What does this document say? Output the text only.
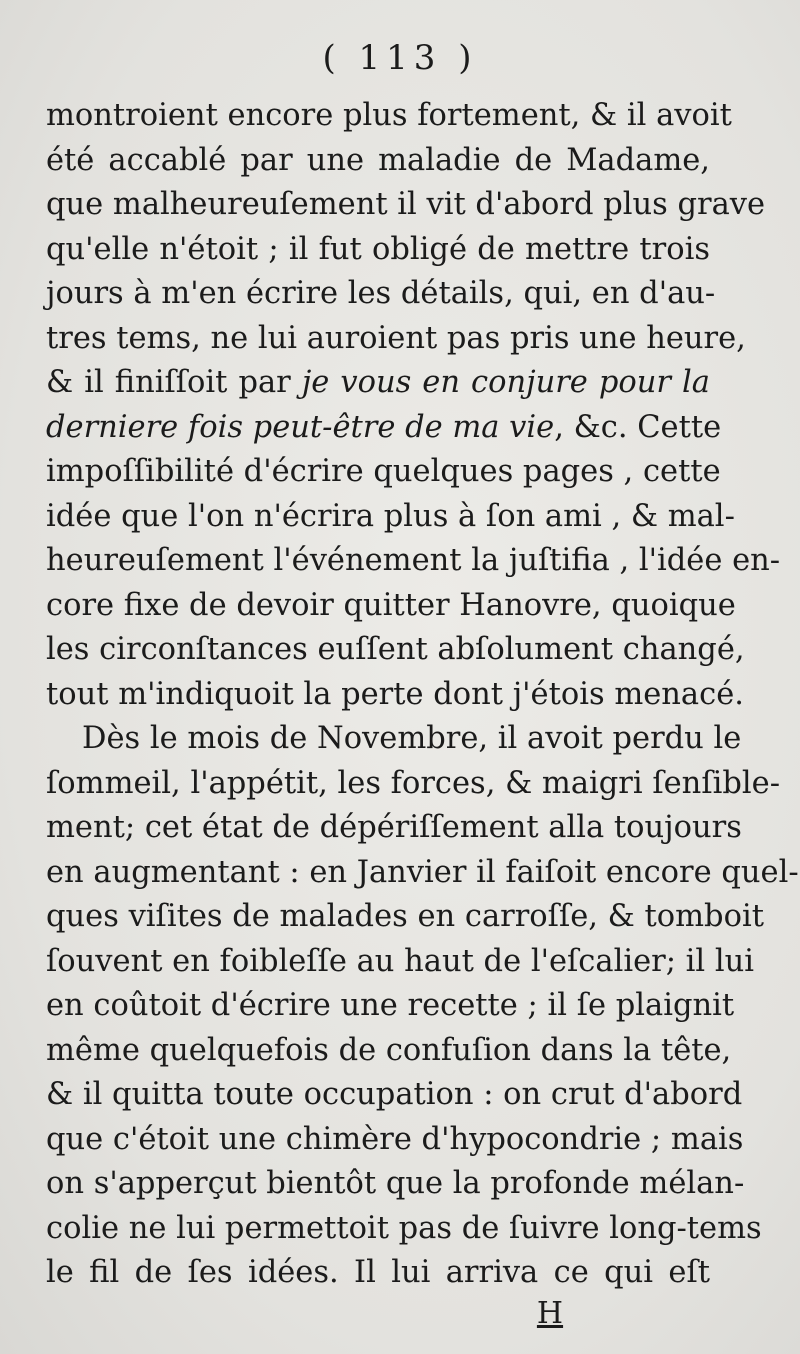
( 113 )
montroient encore plus fortement, & il avoit
été accablé par une maladie de Madame,
que malheureuſement il vit d'abord plus grave
qu'elle n'étoit ; il fut obligé de mettre trois
jours à m'en écrire les détails, qui, en d'au-
tres tems, ne lui auroient pas pris une heure,
& il finiſſoit par je vous en conjure pour la
derniere fois peut-être de ma vie, &c. Cette
impoſſibilité d'écrire quelques pages , cette
idée que l'on n'écrira plus à ſon ami , & mal-
heureuſement l'événement la juſtifia , l'idée en-
core fixe de devoir quitter Hanovre, quoique
les circonſtances euſſent abſolument changé,
tout m'indiquoit la perte dont j'étois menacé.
Dès le mois de Novembre, il avoit perdu le
ſommeil, l'appétit, les forces, & maigri ſenſible-
ment; cet état de dépériſſement alla toujours
en augmentant : en Janvier il faiſoit encore quel-
ques viſites de malades en carroſſe, & tomboit
ſouvent en foibleſſe au haut de l'eſcalier; il lui
en coûtoit d'écrire une recette ; il ſe plaignit
même quelquefois de confuſion dans la tête,
& il quitta toute occupation : on crut d'abord
que c'étoit une chimère d'hypocondrie ; mais
on s'apperçut bientôt que la profonde mélan-
colie ne lui permettoit pas de ſuivre long-tems
le fil de ſes idées. Il lui arriva ce qui eſt
H
